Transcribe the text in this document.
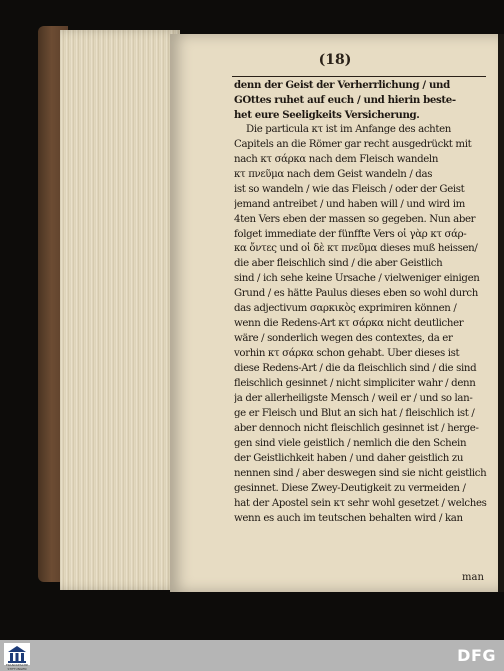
(18)
denn der Geist der Verherrlichung / und
GOttes ruhet auf euch / und hierin beste-
het eure Seeligkeits Versicherung.
Die particula κτ ist im Anfange des achten
Capitels an die Römer gar recht ausgedrückt mit
nach κτ σάρκα nach dem Fleisch wandeln
κτ πνεῦμα nach dem Geist wandeln / das
ist so wandeln / wie das Fleisch / oder der Geist
jemand antreibet / und haben will / und wird im
4ten Vers eben der massen so gegeben. Nun aber
folget immediate der fünffte Vers οἱ γὰρ κτ σάρ-
κα ὄντες und οἱ δὲ κτ πνεῦμα dieses muß heissen/
die aber fleischlich sind / die aber Geistlich
sind / ich sehe keine Ursache / vielweniger einigen
Grund / es hätte Paulus dieses eben so wohl durch
das adjectivum σαρκικὸς exprimiren können /
wenn die Redens-Art κτ σάρκα nicht deutlicher
wäre / sonderlich wegen des contextes, da er
vorhin κτ σάρκα schon gehabt. Uber dieses ist
diese Redens-Art / die da fleischlich sind / die sind
fleischlich gesinnet / nicht simpliciter wahr / denn
ja der allerheiligste Mensch / weil er / und so lan-
ge er Fleisch und Blut an sich hat / fleischlich ist /
aber dennoch nicht fleischlich gesinnet ist / herge-
gen sind viele geistlich / nemlich die den Schein
der Geistlichkeit haben / und daher geistlich zu
nennen sind / aber deswegen sind sie nicht geistlich
gesinnet. Diese Zwey-Deutigkeit zu vermeiden /
hat der Apostel sein κτ sehr wohl gesetzet / welches
wenn es auch im teutschen behalten wird / kan
man
FRANCKESCHE STIFTUNGEN
DFG
